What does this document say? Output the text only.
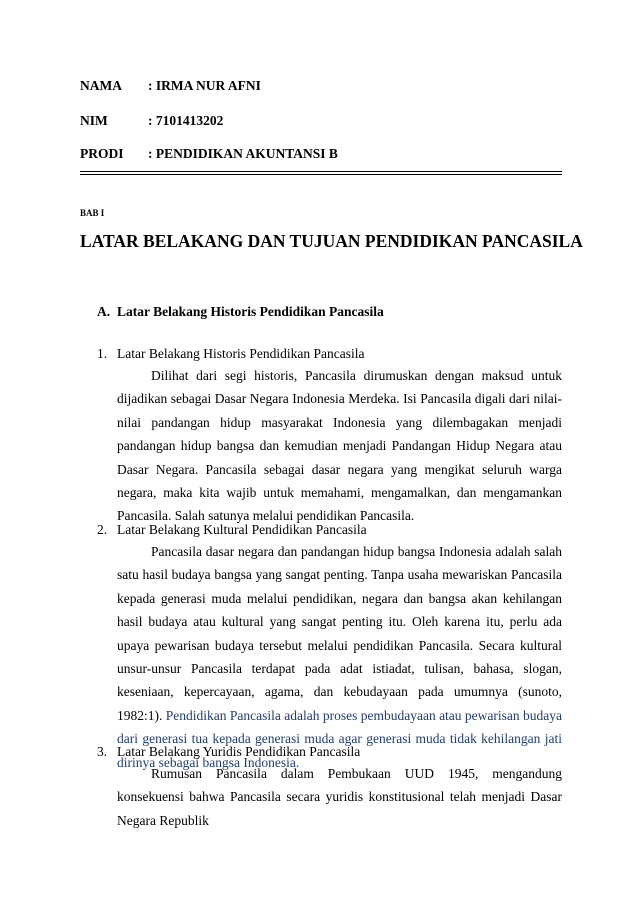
NAMA : IRMA NUR AFNI
NIM	: 7101413202
PRODI : PENDIDIKAN AKUNTANSI B
BAB I
LATAR BELAKANG DAN TUJUAN PENDIDIKAN PANCASILA
A. Latar Belakang Historis Pendidikan Pancasila
1. Latar Belakang Historis Pendidikan Pancasila

Dilihat dari segi historis, Pancasila dirumuskan dengan maksud untuk dijadikan sebagai Dasar Negara Indonesia Merdeka. Isi Pancasila digali dari nilai-nilai pandangan hidup masyarakat Indonesia yang dilembagakan menjadi pandangan hidup bangsa dan kemudian menjadi Pandangan Hidup Negara atau Dasar Negara. Pancasila sebagai dasar negara yang mengikat seluruh warga negara, maka kita wajib untuk memahami, mengamalkan, dan mengamankan Pancasila. Salah satunya melalui pendidikan Pancasila.

2. Latar Belakang Kultural Pendidikan Pancasila

Pancasila dasar negara dan pandangan hidup bangsa Indonesia adalah salah satu hasil budaya bangsa yang sangat penting. Tanpa usaha mewariskan Pancasila kepada generasi muda melalui pendidikan, negara dan bangsa akan kehilangan hasil budaya atau kultural yang sangat penting itu. Oleh karena itu, perlu ada upaya pewarisan budaya tersebut melalui pendidikan Pancasila. Secara kultural unsur-unsur Pancasila terdapat pada adat istiadat, tulisan, bahasa, slogan, keseniaan, kepercayaan, agama, dan kebudayaan pada umumnya (sunoto, 1982:1). Pendidikan Pancasila adalah proses pembudayaan atau pewarisan budaya dari generasi tua kepada generasi muda agar generasi muda tidak kehilangan jati dirinya sebagai bangsa Indonesia.

3. Latar Belakang Yuridis Pendidikan Pancasila

Rumusan Pancasila dalam Pembukaan UUD 1945, mengandung konsekuensi bahwa Pancasila secara yuridis konstitusional telah menjadi Dasar Negara Republik
